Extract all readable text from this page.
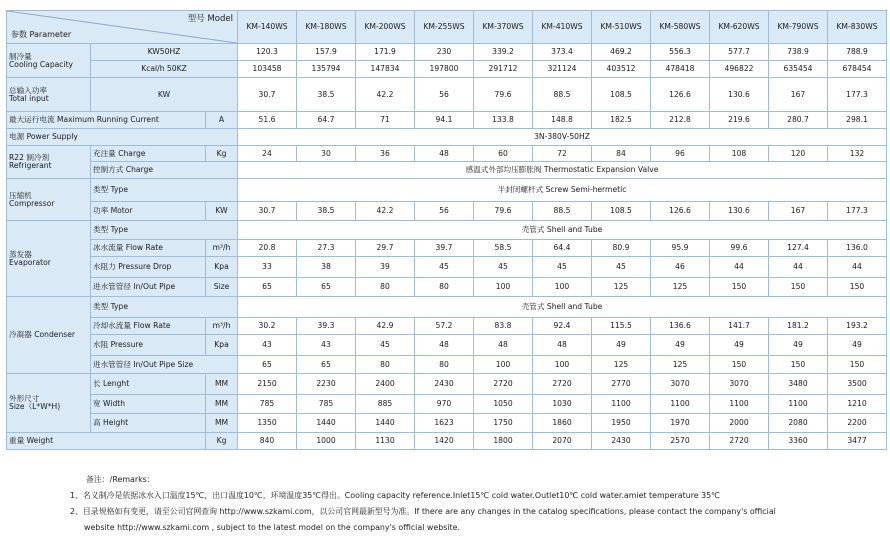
型号 Model
参数 Parameter			KM-140WS	KM-180WS	KM-200WS	KM-255WS	KM-370WS	KM-410WS	KM-510WS	KM-580WS	KM-620WS	KM-790WS	KM-830WS
制冷量
Cooling Capacity	KW50HZ		120.3	157.9	171.9	230	339.2	373.4	469.2	556.3	577.7	738.9	788.9
	Kcal/h 50KZ		103458	135794	147834	197800	291712	321124	403512	478418	496822	635454	678454
总输入功率
Total input	KW		30.7	38.5	42.2	56	79.6	88.5	108.5	126.6	130.6	167	177.3
最大运行电流 Maximum Running Current		A	51.6	64.7	71	94.1	133.8	148.8	182.5	212.8	219.6	280.7	298.1
电源 Power Supply			3N-380V-50HZ										
R22 制冷剂
Refrigerant	充注量 Charge	Kg	24	30	36	48	60	72	84	96	108	120	132
	控制方式 Charge		感温式外部均压膨胀阀 Thermostatic Expansion Valve										
压缩机
Compressor	类型 Type		半封闭螺杆式 Screw Semi-hermetic										
	功率 Motor	KW	30.7	38.5	42.2	56	79.6	88.5	108.5	126.6	130.6	167	177.3
蒸发器
Evaporator	类型 Type		壳管式 Shell and Tube										
	冰水流量 Flow Rate	m³/h	20.8	27.3	29.7	39.7	58.5	64.4	80.9	95.9	99.6	127.4	136.0
	水阻力 Pressure Drop	Kpa	33	38	39	45	45	45	45	46	44	44	44
	进水管管径 In/Out Pipe	Size	65	65	80	80	100	100	125	125	150	150	150
冷凝器 Condenser	类型 Type		壳管式 Shell and Tube										
	冷却水流量 Flow Rate	m³/h	30.2	39.3	42.9	57.2	83.8	92.4	115.5	136.6	141.7	181.2	193.2
	水阻 Pressure	Kpa	43	43	45	48	48	48	49	49	49	49	49
	进水管管径 In/Out Pipe Size		65	65	80	80	100	100	125	125	150	150	150
外形尺寸
Size（L*W*H)	长 Lenght	MM	2150	2230	2400	2430	2720	2720	2770	3070	3070	3480	3500
	宽 Width	MM	785	785	885	970	1050	1030	1100	1100	1100	1100	1210
	高 Height	MM	1350	1440	1440	1623	1750	1860	1950	1970	2000	2080	2200
重量 Weight		Kg	840	1000	1130	1420	1800	2070	2430	2570	2720	3360	3477
备注：/Remarks：
1、名义制冷是依据冰水入口温度15℃，出口温度10℃，环境温度35℃得出。Cooling capacity reference.Inlet15℃ cold water.Outlet10℃ cold water.amiet temperature 35℃
2、目录规格如有变更，请至公司官网查询 http://www.szkami.com，以公司官网最新型号为准。If there are any changes in the catalog specifications, please contact the company's official
website http://www.szkami.com , subject to the latest model on the company's official website.
